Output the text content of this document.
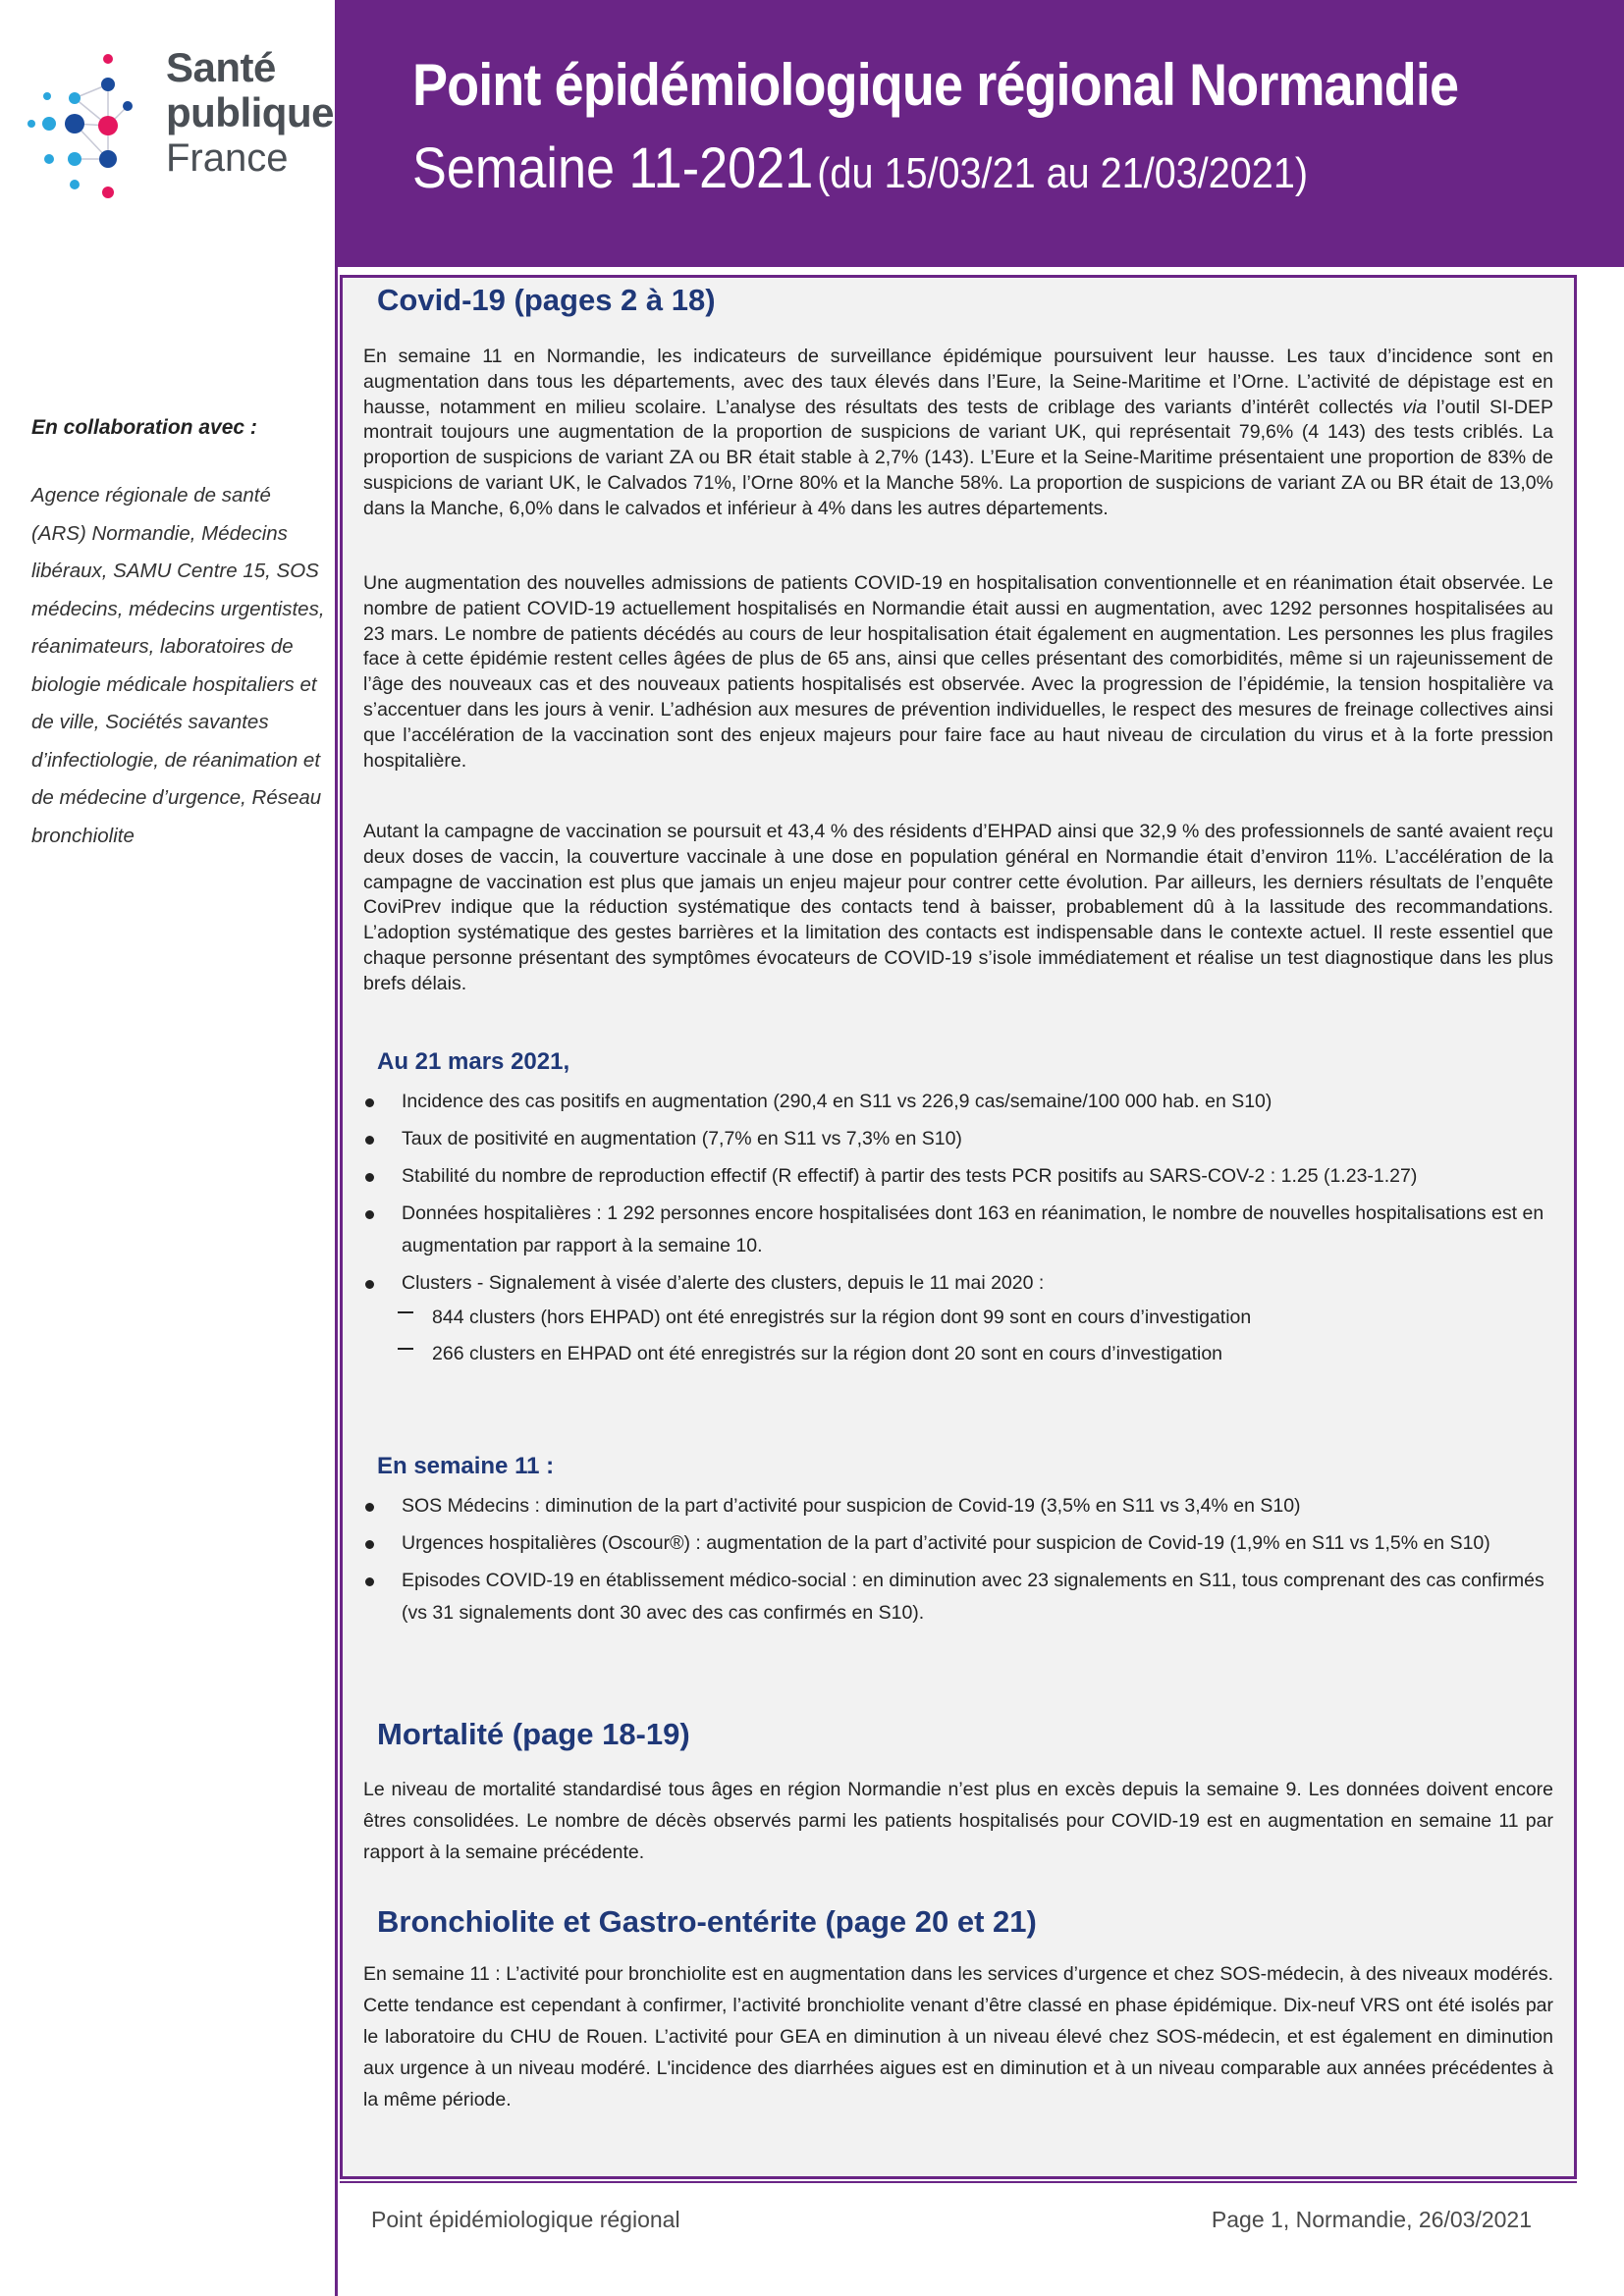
Point épidémiologique régional Normandie
Semaine 11-2021 (du 15/03/21 au 21/03/2021)
Santé
publique
France
En collaboration avec :
Agence régionale de santé (ARS) Normandie, Médecins libéraux, SAMU Centre 15, SOS médecins, médecins urgentistes, réanimateurs, laboratoires de biologie médicale hospitaliers et de ville, Sociétés savantes d’infectiologie, de réanimation et de médecine d’urgence, Réseau bronchiolite
Covid-19 (pages 2 à 18)

En semaine 11 en Normandie, les indicateurs de surveillance épidémique poursuivent leur hausse. Les taux d’incidence sont en augmentation dans tous les départements, avec des taux élevés dans l’Eure, la Seine-Maritime et l’Orne. L’activité de dépistage est en hausse, notamment en milieu scolaire. L’analyse des résultats des tests de criblage des variants d’intérêt collectés via l’outil SI-DEP montrait toujours une augmentation de la proportion de suspicions de variant UK, qui représentait 79,6% (4 143) des tests criblés. La proportion de suspicions de variant ZA ou BR était stable à 2,7% (143). L’Eure et la Seine-Maritime présentaient une proportion de 83% de suspicions de variant UK, le Calvados 71%, l’Orne 80% et la Manche 58%. La proportion de suspicions de variant ZA ou BR était de 13,0% dans la Manche, 6,0% dans le calvados et inférieur à 4% dans les autres départements.

Une augmentation des nouvelles admissions de patients COVID-19 en hospitalisation conventionnelle et en réanimation était observée. Le nombre de patient COVID-19 actuellement hospitalisés en Normandie était aussi en augmentation, avec 1292 personnes hospitalisées au 23 mars. Le nombre de patients décédés au cours de leur hospitalisation était également en augmentation. Les personnes les plus fragiles face à cette épidémie restent celles âgées de plus de 65 ans, ainsi que celles présentant des comorbidités, même si un rajeunissement de l’âge des nouveaux cas et des nouveaux patients hospitalisés est observée. Avec la progression de l’épidémie, la tension hospitalière va s’accentuer dans les jours à venir. L’adhésion aux mesures de prévention individuelles, le respect des mesures de freinage collectives ainsi que l’accélération de la vaccination sont des enjeux majeurs pour faire face au haut niveau de circulation du virus et à la forte pression hospitalière.

Autant la campagne de vaccination se poursuit et 43,4 % des résidents d’EHPAD ainsi que 32,9 % des professionnels de santé avaient reçu deux doses de vaccin, la couverture vaccinale à une dose en population général en Normandie était d’environ 11%. L’accélération de la campagne de vaccination est plus que jamais un enjeu majeur pour contrer cette évolution. Par ailleurs, les derniers résultats de l’enquête CoviPrev indique que la réduction systématique des contacts tend à baisser, probablement dû à la lassitude des recommandations. L’adoption systématique des gestes barrières et la limitation des contacts est indispensable dans le contexte actuel. Il reste essentiel que chaque personne présentant des symptômes évocateurs de COVID-19 s’isole immédiatement et réalise un test diagnostique dans les plus brefs délais.

Au 21 mars 2021,
Incidence des cas positifs en augmentation (290,4 en S11 vs 226,9 cas/semaine/100 000 hab. en S10)
Taux de positivité en augmentation (7,7% en S11 vs 7,3% en S10)
Stabilité du nombre de reproduction effectif (R effectif) à partir des tests PCR positifs au SARS-COV-2 : 1.25 (1.23-1.27)
Données hospitalières : 1 292 personnes encore hospitalisées dont 163 en réanimation, le nombre de nouvelles hospitalisations est en augmentation par rapport à la semaine 10.
Clusters - Signalement à visée d’alerte des clusters, depuis le 11 mai 2020 :
844 clusters (hors EHPAD) ont été enregistrés sur la région dont 99 sont en cours d’investigation
266 clusters en EHPAD ont été enregistrés sur la région dont 20 sont en cours d’investigation
En semaine 11 :
SOS Médecins : diminution de la part d’activité pour suspicion de Covid-19 (3,5% en S11 vs 3,4% en S10)
Urgences hospitalières (Oscour®) : augmentation de la part d’activité pour suspicion de Covid-19 (1,9% en S11 vs 1,5% en S10)
Episodes COVID-19 en établissement médico-social : en diminution avec 23 signalements en S11, tous comprenant des cas confirmés (vs 31 signalements dont 30 avec des cas confirmés en S10).
Mortalité (page 18-19)

Le niveau de mortalité standardisé tous âges en région Normandie n’est plus en excès depuis la semaine 9. Les données doivent encore êtres consolidées. Le nombre de décès observés parmi les patients hospitalisés pour COVID-19 est en augmentation en semaine 11 par rapport à la semaine précédente.

Bronchiolite et Gastro-entérite (page 20 et 21)

En semaine 11 : L’activité pour bronchiolite est en augmentation dans les services d’urgence et chez SOS-médecin, à des niveaux modérés. Cette tendance est cependant à confirmer, l’activité bronchiolite venant d’être classé en phase épidémique. Dix-neuf VRS ont été isolés par le laboratoire du CHU de Rouen. L’activité pour GEA en diminution à un niveau élevé chez SOS-médecin, et est également en diminution aux urgence à un niveau modéré. L'incidence des diarrhées aigues est en diminution et à un niveau comparable aux années précédentes à la même période.

Point épidémiologique régional	Page 1, Normandie, 26/03/2021
